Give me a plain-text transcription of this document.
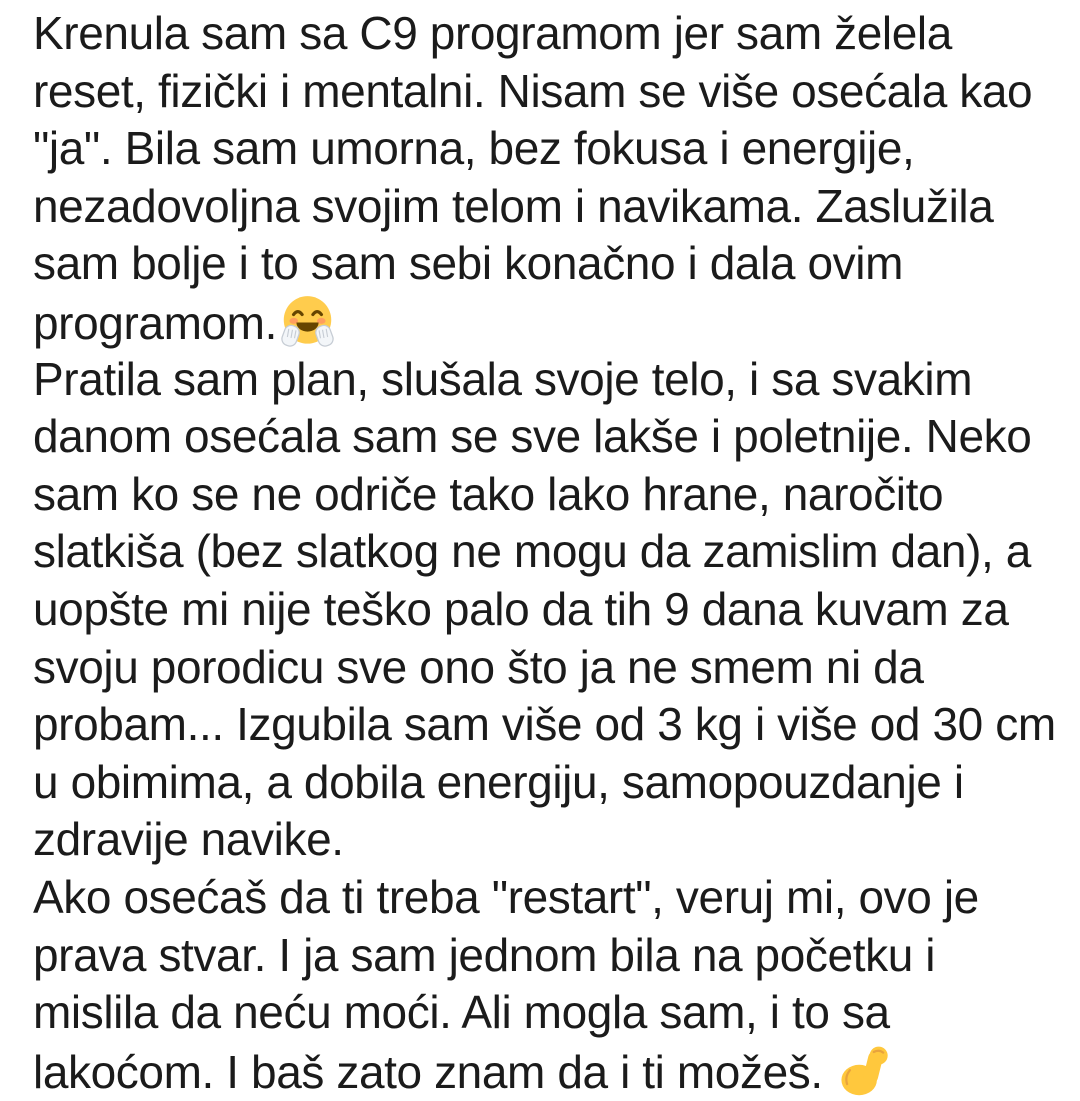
Krenula sam sa C9 programom jer sam želela
reset, fizički i mentalni. Nisam se više osećala kao
"ja". Bila sam umorna, bez fokusa i energije,
nezadovoljna svojim telom i navikama. Zaslužila
sam bolje i to sam sebi konačno i dala ovim
programom.
Pratila sam plan, slušala svoje telo, i sa svakim
danom osećala sam se sve lakše i poletnije. Neko
sam ko se ne odriče tako lako hrane, naročito
slatkiša (bez slatkog ne mogu da zamislim dan), a
uopšte mi nije teško palo da tih 9 dana kuvam za
svoju porodicu sve ono što ja ne smem ni da
probam... Izgubila sam više od 3 kg i više od 30 cm
u obimima, a dobila energiju, samopouzdanje i
zdravije navike.
Ako osećaš da ti treba "restart", veruj mi, ovo je
prava stvar. I ja sam jednom bila na početku i
mislila da neću moći. Ali mogla sam, i to sa
lakoćom. I baš zato znam da i ti možeš.
